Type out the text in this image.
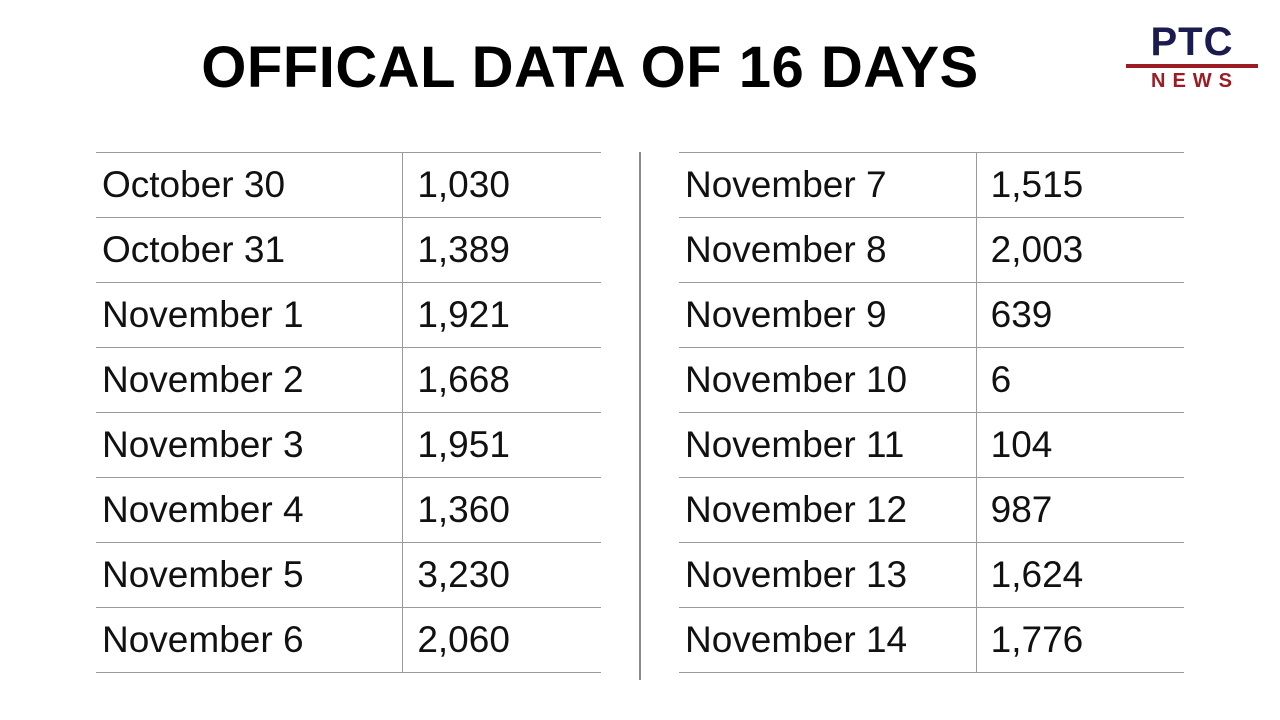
OFFICAL DATA OF 16 DAYS	PTC
NEWS
October 30	1,030
October 31	1,389
November 1	1,921
November 2	1,668
November 3	1,951
November 4	1,360
November 5	3,230
November 6	2,060
November 7	1,515
November 8	2,003
November 9	639
November 10	6
November 11	104
November 12	987
November 13	1,624
November 14	1,776
